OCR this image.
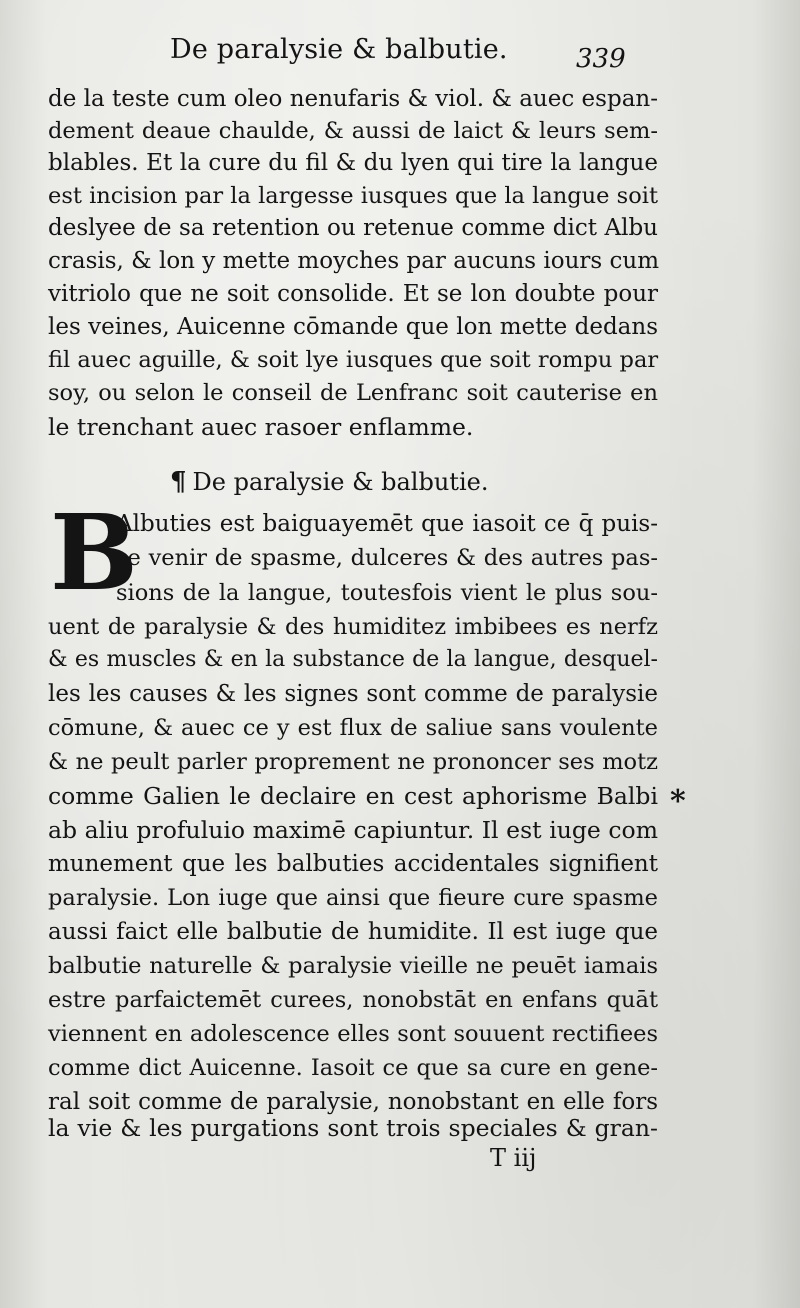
De paralysie & balbutie.	339
de la teste cum oleo nenufaris & viol. & auec espan-
dement deaue chaulde, & aussi de laict & leurs sem-
blables. Et la cure du fil & du lyen qui tire la langue
est incision par la largesse iusques que la langue soit
deslyee de sa retention ou retenue comme dict Albu
crasis, & lon y mette moyches par aucuns iours cum
vitriolo que ne soit consolide. Et se lon doubte pour
les veines, Auicenne cōmande que lon mette dedans
fil auec aguille, & soit lye iusques que soit rompu par
soy, ou selon le conseil de Lenfranc soit cauterise en
le trenchant auec rasoer enflamme.
¶ De paralysie & balbutie.
B
Albuties est baiguayemēt que iasoit ce q̄ puis-
se venir de spasme, dulceres & des autres pas-
sions de la langue, toutesfois vient le plus sou-
uent de paralysie & des humiditez imbibees es nerfz
& es muscles & en la substance de la langue, desquel-
les les causes & les signes sont comme de paralysie
cōmune, & auec ce y est flux de saliue sans voulente
& ne peult parler proprement ne prononcer ses motz
comme Galien le declaire en cest aphorisme Balbi
ab aliu profuluio maximē capiuntur. Il est iuge com
munement que les balbuties accidentales signifient
paralysie. Lon iuge que ainsi que fieure cure spasme
aussi faict elle balbutie de humidite. Il est iuge que
balbutie naturelle & paralysie vieille ne peuēt iamais
estre parfaictemēt curees, nonobstāt en enfans quāt
viennent en adolescence elles sont souuent rectifiees
comme dict Auicenne. Iasoit ce que sa cure en gene-
ral soit comme de paralysie, nonobstant en elle fors
la vie & les purgations sont trois speciales & gran-
*
T iij
